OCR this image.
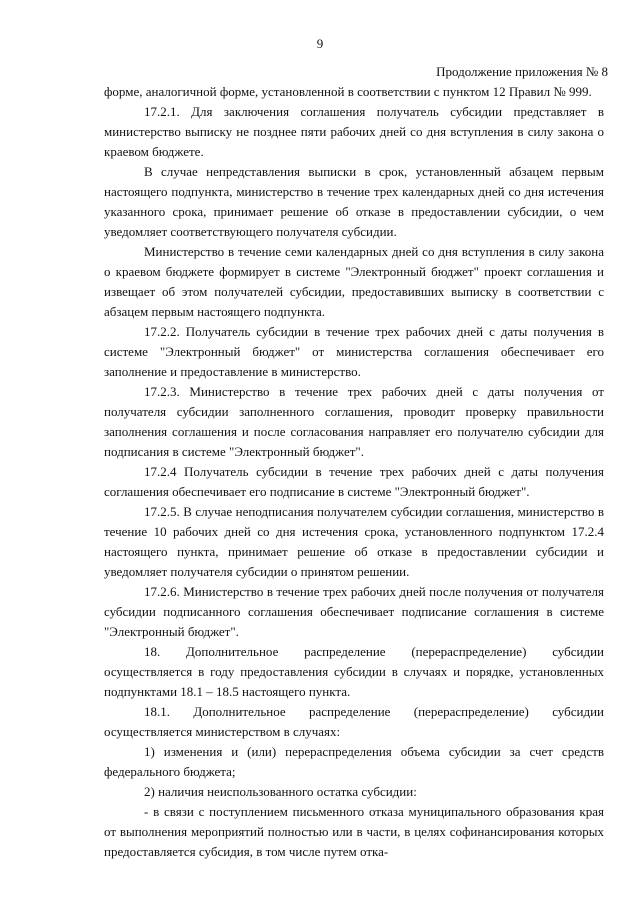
9
Продолжение приложения № 8

форме, аналогичной форме, установленной в соответствии с пунктом 12 Правил № 999.

17.2.1. Для заключения соглашения получатель субсидии представляет в министерство выписку не позднее пяти рабочих дней со дня вступления в силу закона о краевом бюджете.

В случае непредставления выписки в срок, установленный абзацем первым настоящего подпункта, министерство в течение трех календарных дней со дня истечения указанного срока, принимает решение об отказе в предоставлении субсидии, о чем уведомляет соответствующего получателя субсидии.

Министерство в течение семи календарных дней со дня вступления в силу закона о краевом бюджете формирует в системе "Электронный бюджет" проект соглашения и извещает об этом получателей субсидии, предоставивших выписку в соответствии с абзацем первым настоящего подпункта.

17.2.2. Получатель субсидии в течение трех рабочих дней с даты получения в системе "Электронный бюджет" от министерства соглашения обеспечивает его заполнение и предоставление в министерство.

17.2.3. Министерство в течение трех рабочих дней с даты получения от получателя субсидии заполненного соглашения, проводит проверку правильности заполнения соглашения и после согласования направляет его получателю субсидии для подписания в системе "Электронный бюджет".

17.2.4 Получатель субсидии в течение трех рабочих дней с даты получения соглашения обеспечивает его подписание в системе "Электронный бюджет".

17.2.5. В случае неподписания получателем субсидии соглашения, министерство в течение 10 рабочих дней со дня истечения срока, установленного подпунктом 17.2.4 настоящего пункта, принимает решение об отказе в предоставлении субсидии и уведомляет получателя субсидии о принятом решении.

17.2.6. Министерство в течение трех рабочих дней после получения от получателя субсидии подписанного соглашения обеспечивает подписание соглашения в системе "Электронный бюджет".

18. Дополнительное распределение (перераспределение) субсидии осуществляется в году предоставления субсидии в случаях и порядке, установленных подпунктами 18.1 – 18.5 настоящего пункта.

18.1. Дополнительное распределение (перераспределение) субсидии осуществляется министерством в случаях:

1) изменения и (или) перераспределения объема субсидии за счет средств федерального бюджета;

2) наличия неиспользованного остатка субсидии:

- в связи с поступлением письменного отказа муниципального образования края от выполнения мероприятий полностью или в части, в целях софинансирования которых предоставляется субсидия, в том числе путем отка-
